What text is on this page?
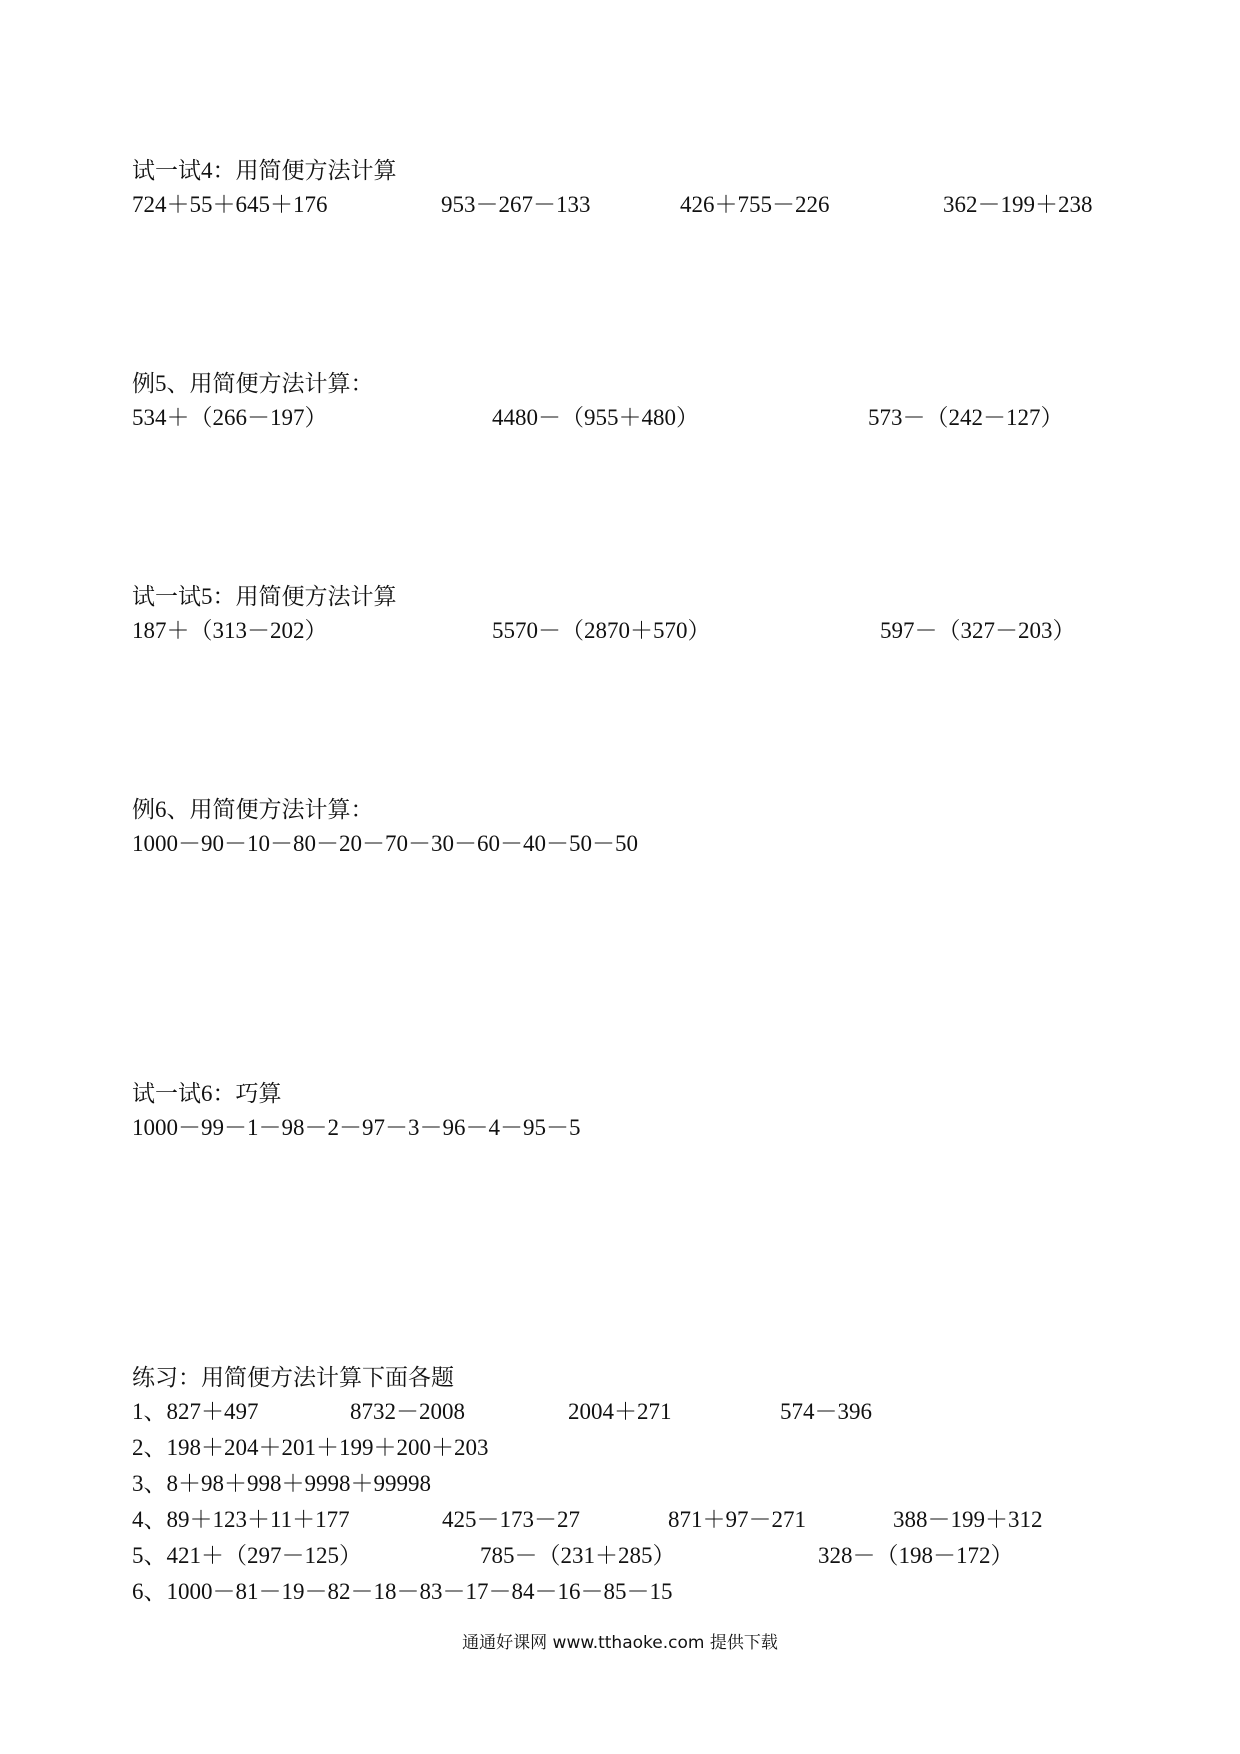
试一试4：用简便方法计算
724＋55＋645＋176	953－267－133	426＋755－226	362－199＋238
例5、用简便方法计算：
534＋（266－197）	4480－（955＋480）	573－（242－127）
试一试5：用简便方法计算
187＋（313－202）	5570－（2870＋570）	597－（327－203）
例6、用简便方法计算：
1000－90－10－80－20－70－30－60－40－50－50
试一试6：巧算
1000－99－1－98－2－97－3－96－4－95－5
练习：用简便方法计算下面各题
1、827＋497	8732－2008	2004＋271	574－396
2、198＋204＋201＋199＋200＋203
3、8＋98＋998＋9998＋99998
4、89＋123＋11＋177	425－173－27	871＋97－271	388－199＋312
5、421＋（297－125）	785－（231＋285）	328－（198－172）
6、1000－81－19－82－18－83－17－84－16－85－15
通通好课网 www.tthaoke.com 提供下载
